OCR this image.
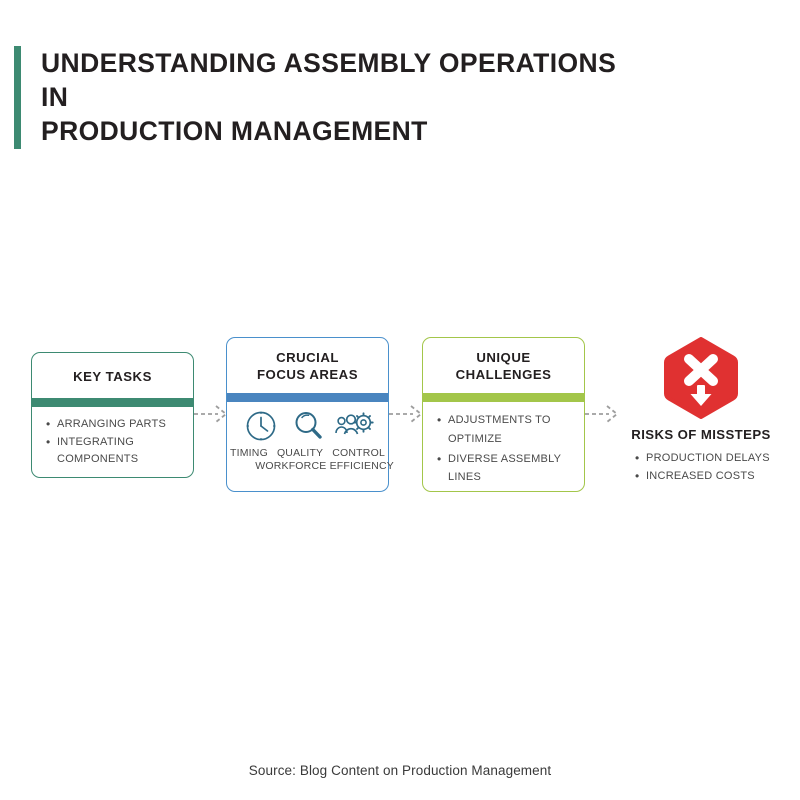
UNDERSTANDING ASSEMBLY OPERATIONS IN
PRODUCTION MANAGEMENT
KEY TASKS
• ARRANGING PARTS
• INTEGRATING COMPONENTS
CRUCIAL
FOCUS AREAS
TIMING QUALITY CONTROL
WORKFORCE EFFICIENCY
UNIQUE
CHALLENGES
• ADJUSTMENTS TO OPTIMIZE
• DIVERSE ASSEMBLY LINES
RISKS OF MISSTEPS
• PRODUCTION DELAYS
• INCREASED COSTS
Source: Blog Content on Production Management
